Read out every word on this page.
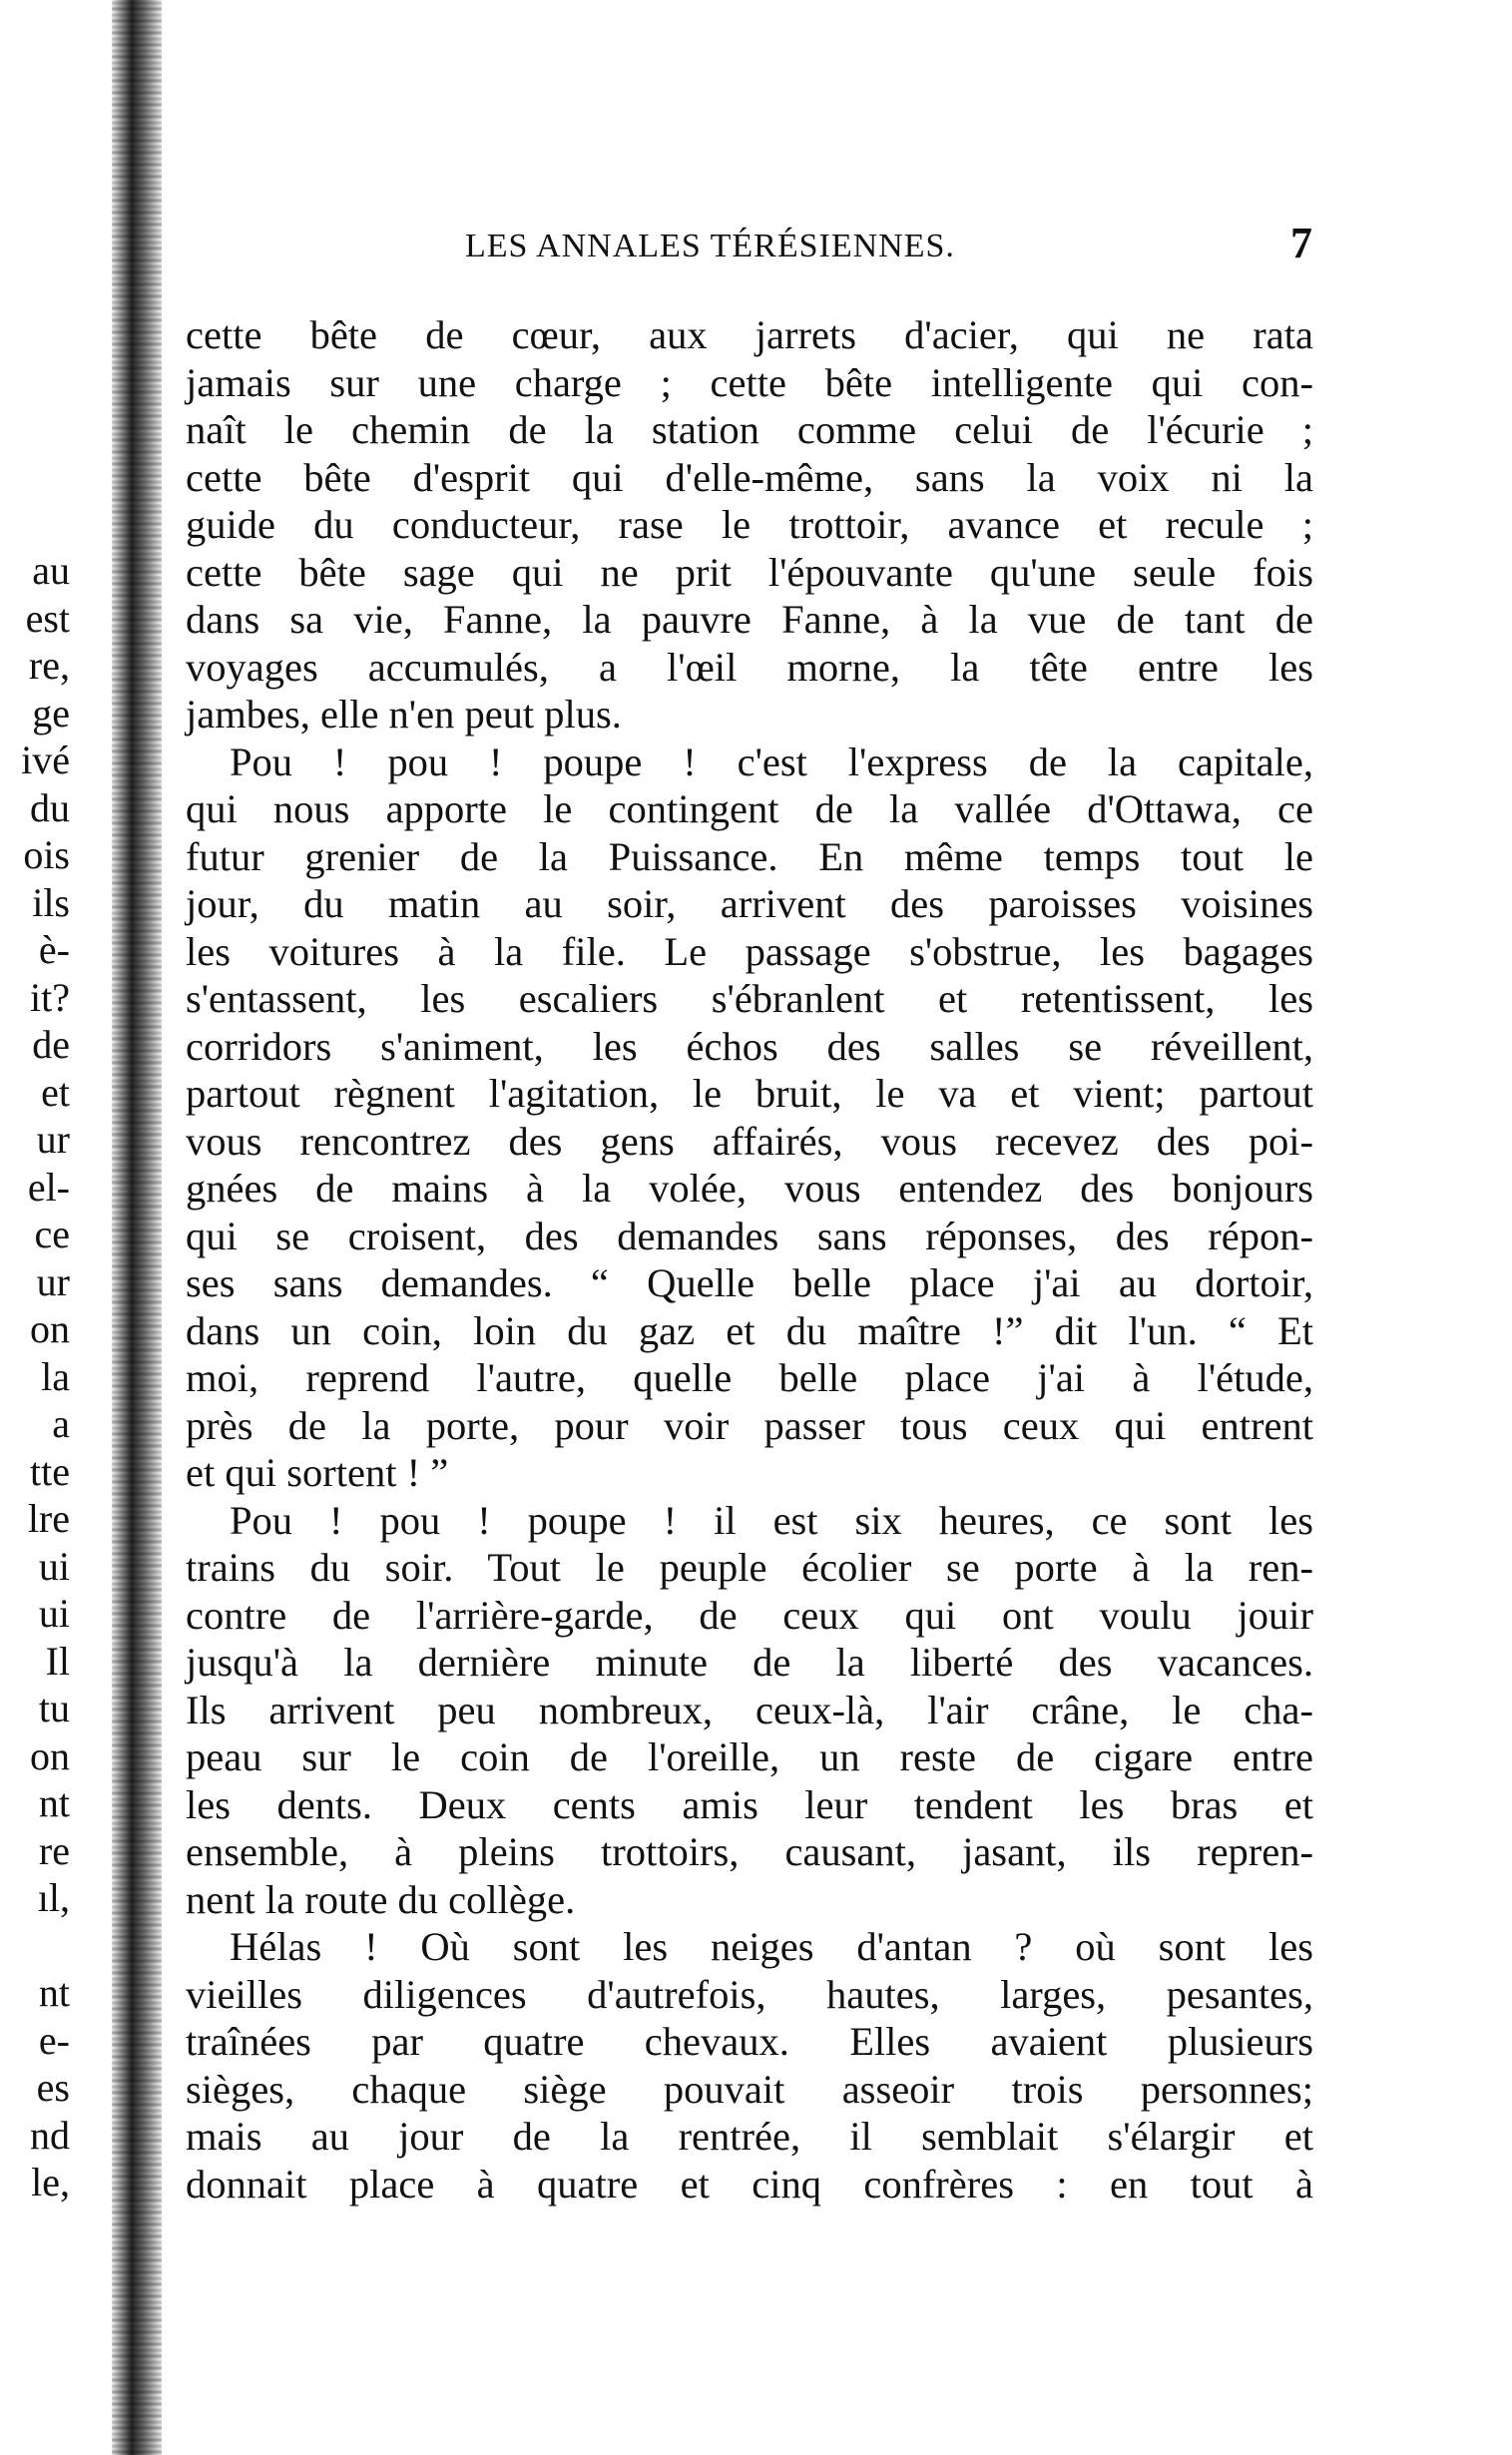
au
est
re,
ge
ivé
du
ois
ils
è-
it?
de
et
ur
el-
ce
ur
on
la
a
tte
lre
ui
ui
Il
tu
on
nt
re
ıl,
nt
e-
es
nd
le,
LES ANNALES TÉRÉSIENNES.	7
cette bête de cœur, aux jarrets d'acier, qui ne rata
jamais sur une charge ; cette bête intelligente qui con-
naît le chemin de la station comme celui de l'écurie ;
cette bête d'esprit qui d'elle-même, sans la voix ni la
guide du conducteur, rase le trottoir, avance et recule ;
cette bête sage qui ne prit l'épouvante qu'une seule fois
dans sa vie, Fanne, la pauvre Fanne, à la vue de tant de
voyages accumulés, a l'œil morne, la tête entre les
jambes, elle n'en peut plus.
Pou ! pou ! poupe ! c'est l'express de la capitale,
qui nous apporte le contingent de la vallée d'Ottawa, ce
futur grenier de la Puissance. En même temps tout le
jour, du matin au soir, arrivent des paroisses voisines
les voitures à la file. Le passage s'obstrue, les bagages
s'entassent, les escaliers s'ébranlent et retentissent, les
corridors s'animent, les échos des salles se réveillent,
partout règnent l'agitation, le bruit, le va et vient; partout
vous rencontrez des gens affairés, vous recevez des poi-
gnées de mains à la volée, vous entendez des bonjours
qui se croisent, des demandes sans réponses, des répon-
ses sans demandes. “ Quelle belle place j'ai au dortoir,
dans un coin, loin du gaz et du maître !” dit l'un. “ Et
moi, reprend l'autre, quelle belle place j'ai à l'étude,
près de la porte, pour voir passer tous ceux qui entrent
et qui sortent ! ”
Pou ! pou ! poupe ! il est six heures, ce sont les
trains du soir. Tout le peuple écolier se porte à la ren-
contre de l'arrière-garde, de ceux qui ont voulu jouir
jusqu'à la dernière minute de la liberté des vacances.
Ils arrivent peu nombreux, ceux-là, l'air crâne, le cha-
peau sur le coin de l'oreille, un reste de cigare entre
les dents. Deux cents amis leur tendent les bras et
ensemble, à pleins trottoirs, causant, jasant, ils repren-
nent la route du collège.
Hélas ! Où sont les neiges d'antan ? où sont les
vieilles diligences d'autrefois, hautes, larges, pesantes,
traînées par quatre chevaux. Elles avaient plusieurs
sièges, chaque siège pouvait asseoir trois personnes;
mais au jour de la rentrée, il semblait s'élargir et
donnait place à quatre et cinq confrères : en tout à
